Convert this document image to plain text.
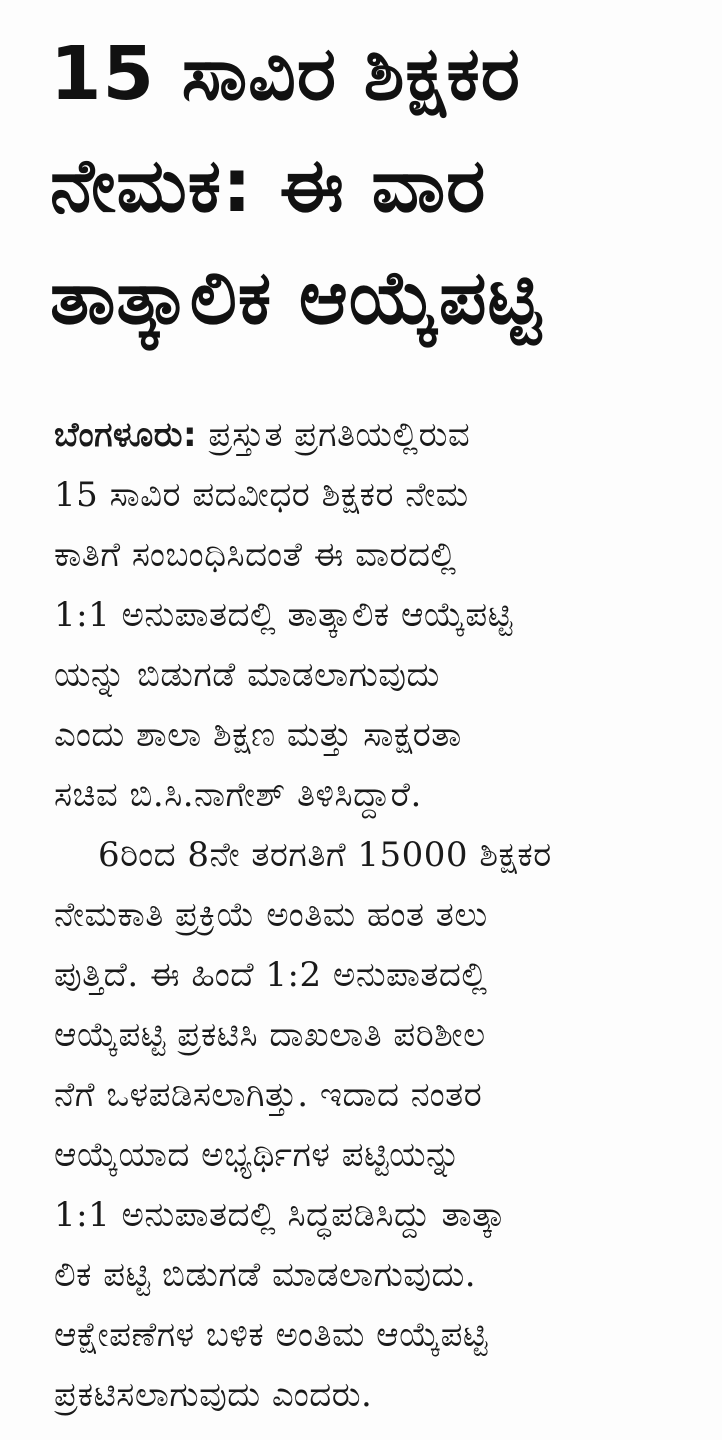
15 ಸಾವಿರ ಶಿಕ್ಷಕರ
ನೇಮಕ: ಈ ವಾರ
ತಾತ್ಕಾಲಿಕ ಆಯ್ಕೆಪಟ್ಟಿ
ಬೆಂಗಳೂರು: ಪ್ರಸ್ತುತ ಪ್ರಗತಿಯಲ್ಲಿರುವ
15 ಸಾವಿರ ಪದವೀಧರ ಶಿಕ್ಷಕರ ನೇಮ
ಕಾತಿಗೆ ಸಂಬಂಧಿಸಿದಂತೆ ಈ ವಾರದಲ್ಲಿ
1:1 ಅನುಪಾತದಲ್ಲಿ ತಾತ್ಕಾಲಿಕ ಆಯ್ಕೆಪಟ್ಟಿ
ಯನ್ನು ಬಿಡುಗಡೆ ಮಾಡಲಾಗುವುದು
ಎಂದು ಶಾಲಾ ಶಿಕ್ಷಣ ಮತ್ತು ಸಾಕ್ಷರತಾ
ಸಚಿವ ಬಿ.ಸಿ.ನಾಗೇಶ್ ತಿಳಿಸಿದ್ದಾರೆ.
6ರಿಂದ 8ನೇ ತರಗತಿಗೆ 15000 ಶಿಕ್ಷಕರ
ನೇಮಕಾತಿ ಪ್ರಕ್ರಿಯೆ ಅಂತಿಮ ಹಂತ ತಲು
ಪುತ್ತಿದೆ. ಈ ಹಿಂದೆ 1:2 ಅನುಪಾತದಲ್ಲಿ
ಆಯ್ಕೆಪಟ್ಟಿ ಪ್ರಕಟಿಸಿ ದಾಖಲಾತಿ ಪರಿಶೀಲ
ನೆಗೆ ಒಳಪಡಿಸಲಾಗಿತ್ತು. ಇದಾದ ನಂತರ
ಆಯ್ಕೆಯಾದ ಅಭ್ಯರ್ಥಿಗಳ ಪಟ್ಟಿಯನ್ನು
1:1 ಅನುಪಾತದಲ್ಲಿ ಸಿದ್ಧಪಡಿಸಿದ್ದು ತಾತ್ಕಾ
ಲಿಕ ಪಟ್ಟಿ ಬಿಡುಗಡೆ ಮಾಡಲಾಗುವುದು.
ಆಕ್ಷೇಪಣೆಗಳ ಬಳಿಕ ಅಂತಿಮ ಆಯ್ಕೆಪಟ್ಟಿ
ಪ್ರಕಟಿಸಲಾಗುವುದು ಎಂದರು.
